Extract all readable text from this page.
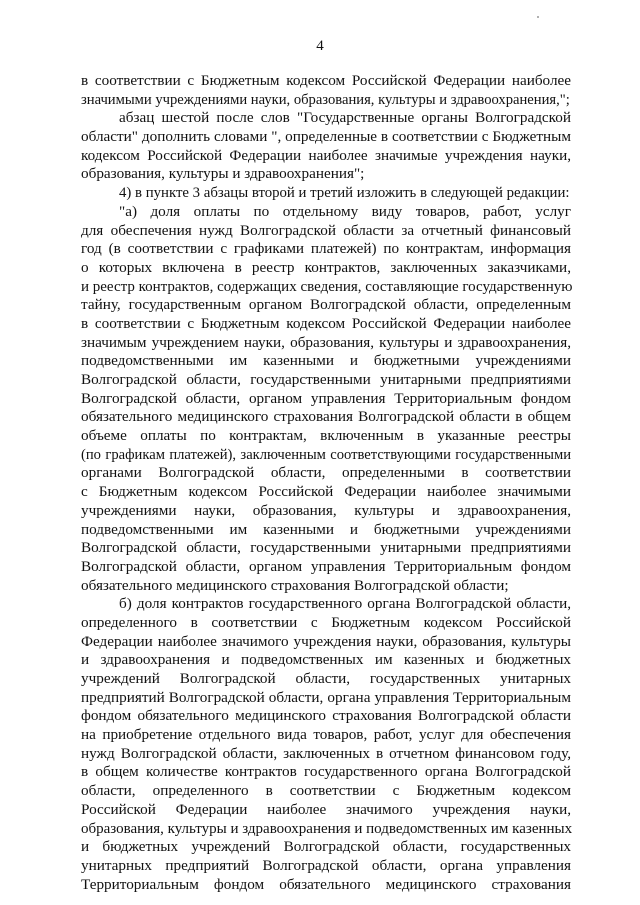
4
в соответствии с Бюджетным кодексом Российской Федерации наиболее
значимыми учреждениями науки, образования, культуры и здравоохранения,";
абзац шестой после слов "Государственные органы Волгоградской
области" дополнить словами ", определенные в соответствии с Бюджетным
кодексом Российской Федерации наиболее значимые учреждения науки,
образования, культуры и здравоохранения";
4) в пункте 3 абзацы второй и третий изложить в следующей редакции:
"а) доля оплаты по отдельному виду товаров, работ, услуг
для обеспечения нужд Волгоградской области за отчетный финансовый
год (в соответствии с графиками платежей) по контрактам, информация
о которых включена в реестр контрактов, заключенных заказчиками,
и реестр контрактов, содержащих сведения, составляющие государственную
тайну, государственным органом Волгоградской области, определенным
в соответствии с Бюджетным кодексом Российской Федерации наиболее
значимым учреждением науки, образования, культуры и здравоохранения,
подведомственными им казенными и бюджетными учреждениями
Волгоградской области, государственными унитарными предприятиями
Волгоградской области, органом управления Территориальным фондом
обязательного медицинского страхования Волгоградской области в общем
объеме оплаты по контрактам, включенным в указанные реестры
(по графикам платежей), заключенным соответствующими государственными
органами Волгоградской области, определенными в соответствии
с Бюджетным кодексом Российской Федерации наиболее значимыми
учреждениями науки, образования, культуры и здравоохранения,
подведомственными им казенными и бюджетными учреждениями
Волгоградской области, государственными унитарными предприятиями
Волгоградской области, органом управления Территориальным фондом
обязательного медицинского страхования Волгоградской области;
б) доля контрактов государственного органа Волгоградской области,
определенного в соответствии с Бюджетным кодексом Российской
Федерации наиболее значимого учреждения науки, образования, культуры
и здравоохранения и подведомственных им казенных и бюджетных
учреждений Волгоградской области, государственных унитарных
предприятий Волгоградской области, органа управления Территориальным
фондом обязательного медицинского страхования Волгоградской области
на приобретение отдельного вида товаров, работ, услуг для обеспечения
нужд Волгоградской области, заключенных в отчетном финансовом году,
в общем количестве контрактов государственного органа Волгоградской
области, определенного в соответствии с Бюджетным кодексом
Российской Федерации наиболее значимого учреждения науки,
образования, культуры и здравоохранения и подведомственных им казенных
и бюджетных учреждений Волгоградской области, государственных
унитарных предприятий Волгоградской области, органа управления
Территориальным фондом обязательного медицинского страхования
